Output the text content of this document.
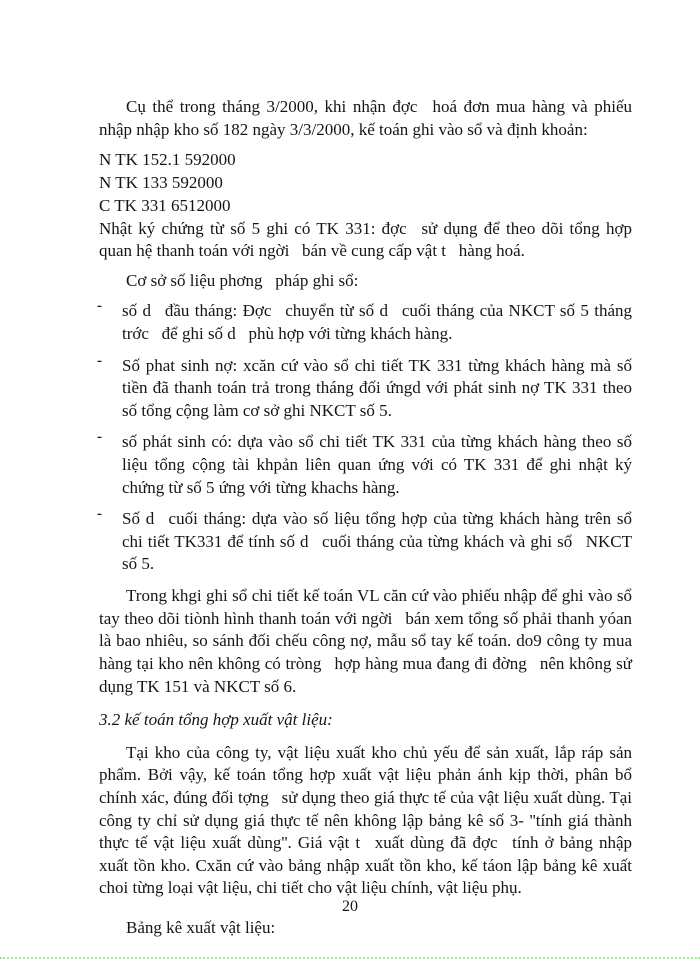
Cụ thể trong tháng 3/2000, khi nhận đợc  hoá đơn mua hàng và phiếu nhập nhập kho số 182 ngày 3/3/2000, kế toán ghi vào sổ và định khoản:

N TK 152.1 592000

N TK 133 592000

C TK 331 6512000

Nhật ký chứng từ số 5 ghi có TK 331: đợc  sử dụng để theo dõi tổng hợp quan hệ thanh toán với ngời  bán về cung cấp vật t  hàng hoá.

Cơ sở số liệu phơng  pháp ghi sổ:

- số d  đầu tháng: Đợc  chuyển từ số d  cuối tháng của NKCT số 5 tháng trớc  để ghi số d  phù hợp với từng khách hàng.
- Số phat sinh nợ: xcăn cứ vào sổ chi tiết TK 331 từng khách hàng mà số tiền đã thanh toán trả trong tháng đối ứngd với phát sinh nợ TK 331 theo số tổng cộng làm cơ sở ghi NKCT số 5.
- số phát sinh có: dựa vào sổ chi tiết TK 331 của từng khách hàng theo số liệu tổng cộng tài khpản liên quan ứng với có TK 331 để ghi nhật ký chứng từ số 5 ứng với từng khachs hàng.
- Số d  cuối tháng: dựa vào số liệu tổng hợp của từng khách hàng trên sổ chi tiết TK331 để tính số d  cuối tháng của từng khách và ghi sổ  NKCT số 5.

Trong khgi ghi sổ chi tiết kế toán VL căn cứ vào phiếu nhập để ghi vào sổ tay theo dõi tiònh hình thanh toán với ngời  bán xem tổng số phải thanh yóan là bao nhiêu, so sánh đối chếu công nợ, mẫu sổ tay kế toán. do9 công ty mua hàng tại kho nên không có tròng  hợp hàng mua đang đi đờng  nên không sử dụng TK 151 và NKCT số 6.

3.2 kế toán tổng hợp xuất vật liệu:

Tại kho của công ty, vật liệu xuất kho chủ yếu để sản xuất, lắp ráp sản phẩm. Bởi vậy, kế toán tổng hợp xuất vật liệu phản ánh kịp thời, phân bổ chính xác, đúng đối tợng  sử dụng theo giá thực tế của vật liệu xuất dùng. Tại công ty chỉ sử dụng giá thực tế nên không lập bảng kê số 3- ''tính giá thành thực tế vật liệu xuất dùng''. Giá vật t  xuất dùng đã đợc  tính ở bảng nhập xuất tồn kho. Cxăn cứ vào bảng nhập xuất tồn kho, kế táon lập bảng kê xuất choi từng loại vật liệu, chi tiết cho vật liệu chính, vật liệu phụ.

Bảng kê xuất vật liệu:

20
